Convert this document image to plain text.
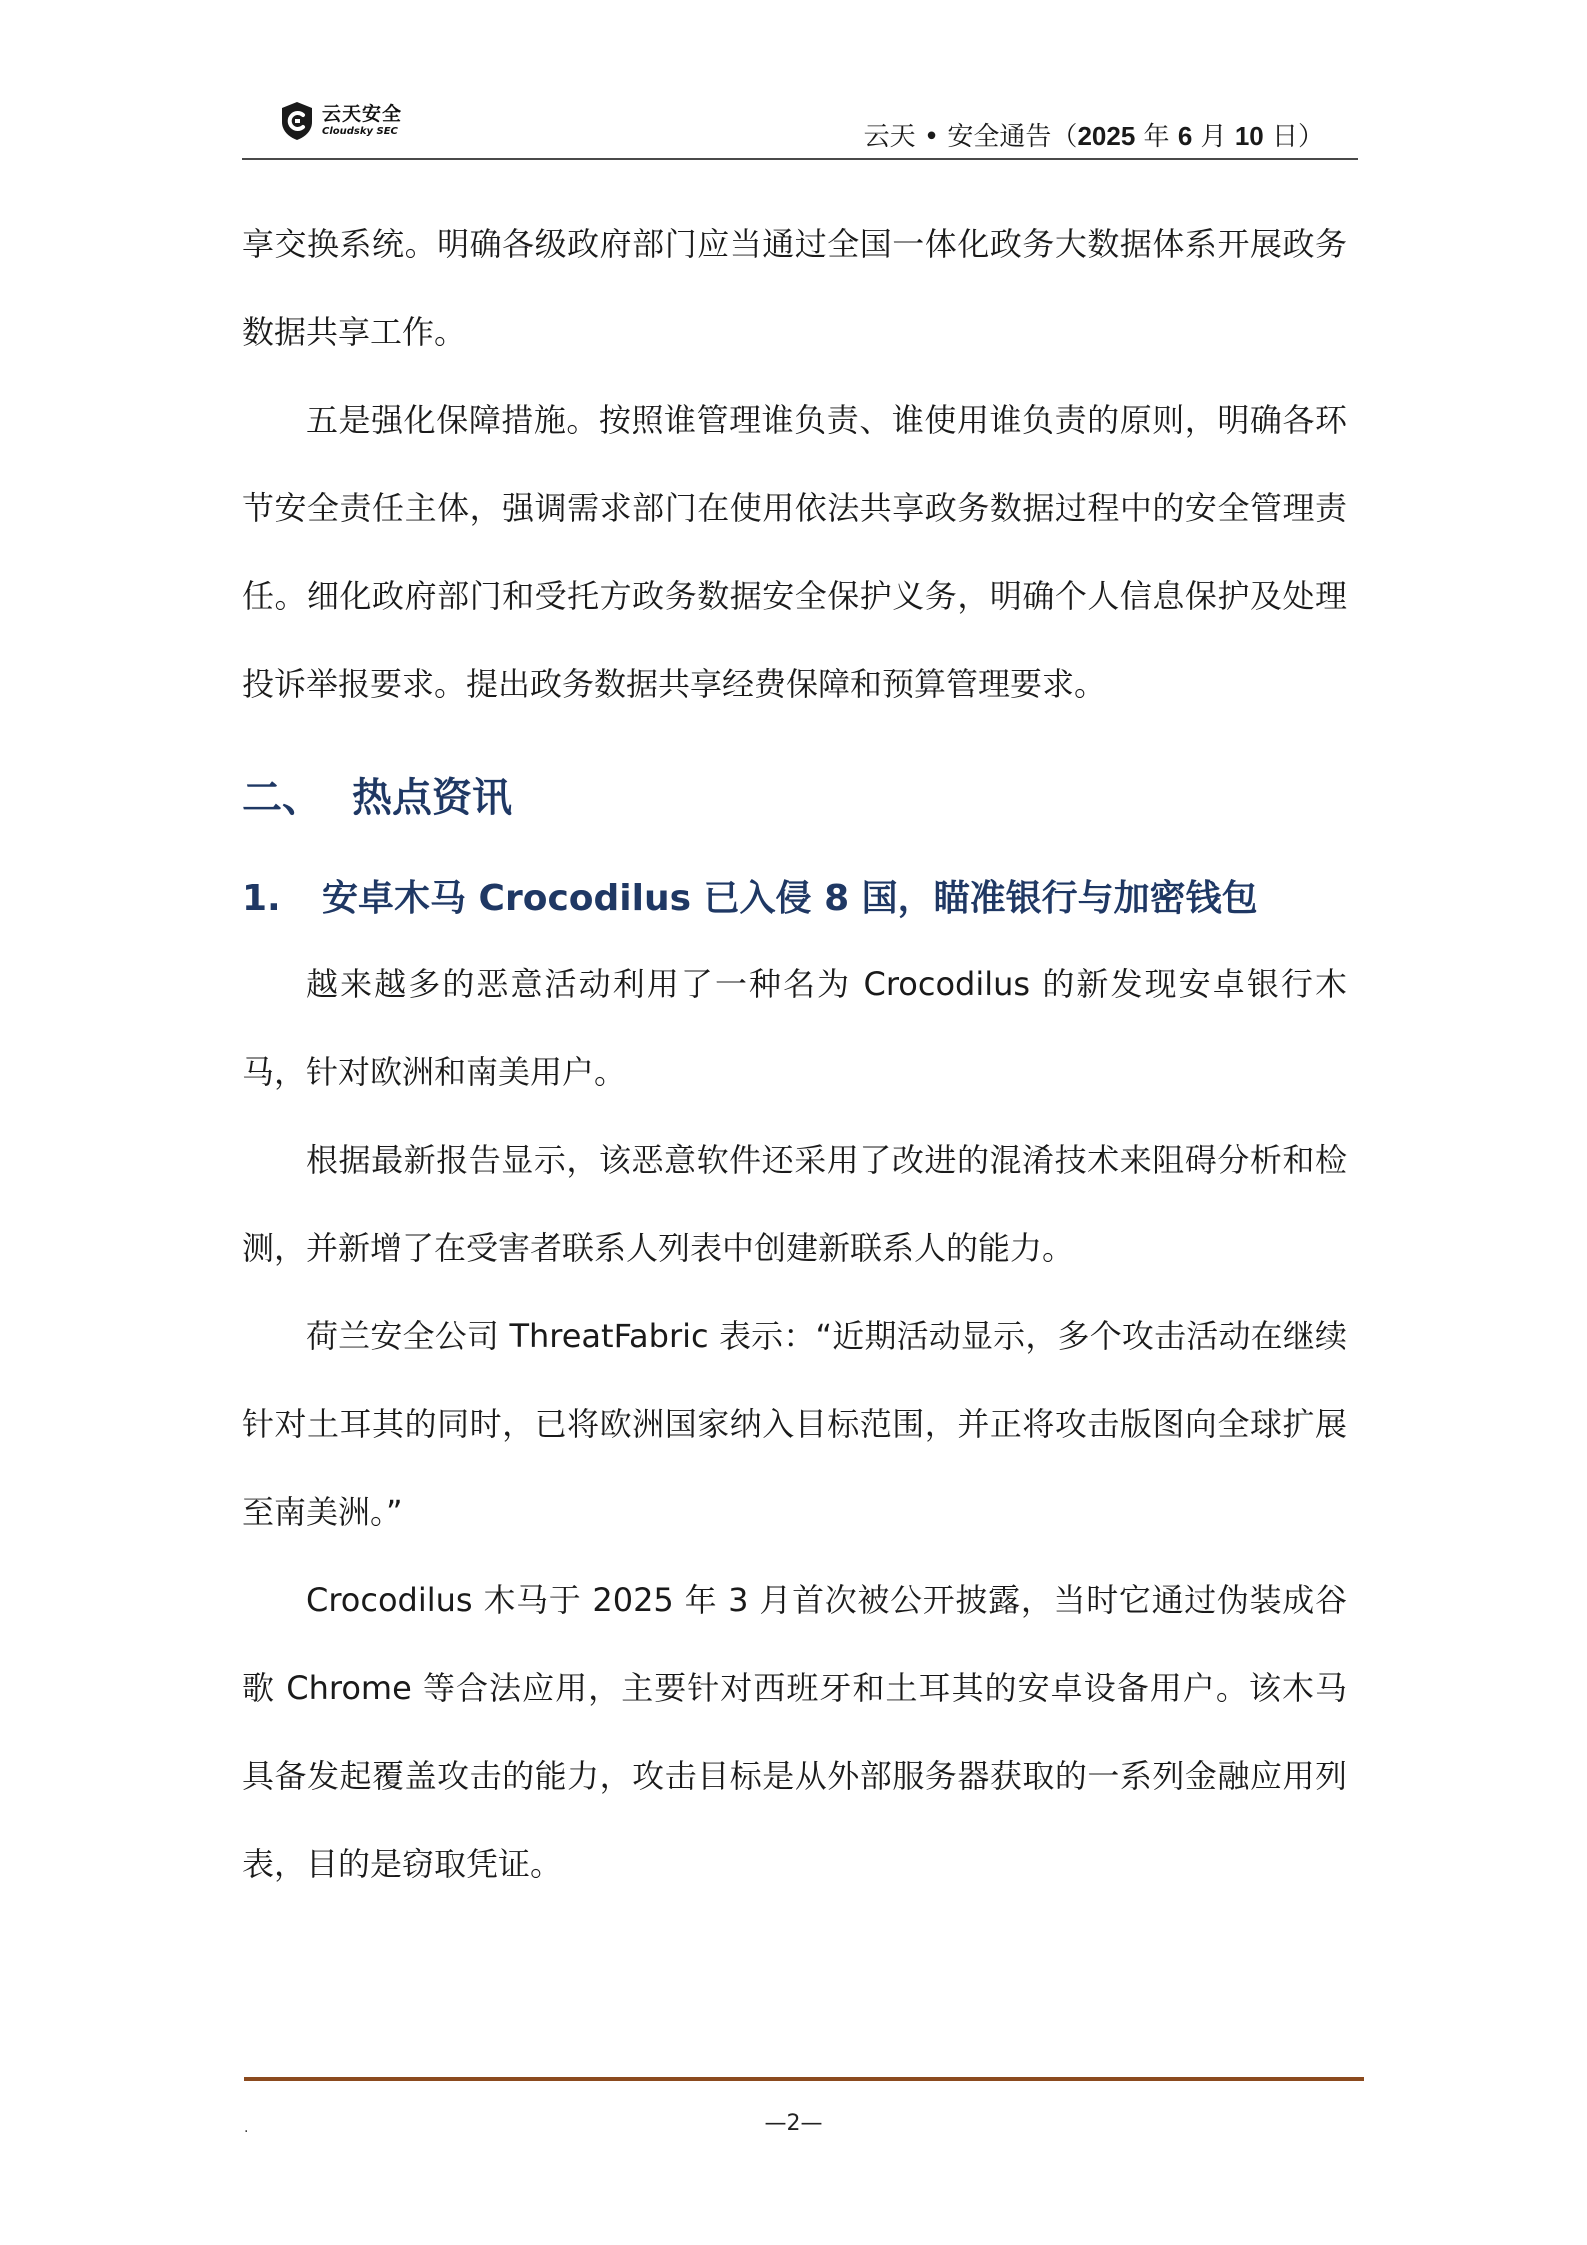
云天安全
Cloudsky SEC	云天 • 安全通告（2025 年 6 月 10 日）

享交换系统。明确各级政府部门应当通过全国一体化政务大数据体系开展政务数据共享工作。

五是强化保障措施。按照谁管理谁负责、谁使用谁负责的原则，明确各环节安全责任主体，强调需求部门在使用依法共享政务数据过程中的安全管理责任。细化政府部门和受托方政务数据安全保护义务，明确个人信息保护及处理投诉举报要求。提出政务数据共享经费保障和预算管理要求。

二、 热点资讯
1. 安卓木马 Crocodilus 已入侵 8 国，瞄准银行与加密钱包

越来越多的恶意活动利用了一种名为 Crocodilus 的新发现安卓银行木马，针对欧洲和南美用户。

根据最新报告显示，该恶意软件还采用了改进的混淆技术来阻碍分析和检测，并新增了在受害者联系人列表中创建新联系人的能力。

荷兰安全公司 ThreatFabric 表示：“近期活动显示，多个攻击活动在继续针对土耳其的同时，已将欧洲国家纳入目标范围，并正将攻击版图向全球扩展至南美洲。”

Crocodilus 木马于 2025 年 3 月首次被公开披露，当时它通过伪装成谷歌 Chrome 等合法应用，主要针对西班牙和土耳其的安卓设备用户。该木马具备发起覆盖攻击的能力，攻击目标是从外部服务器获取的一系列金融应用列表，目的是窃取凭证。

.	—2—
